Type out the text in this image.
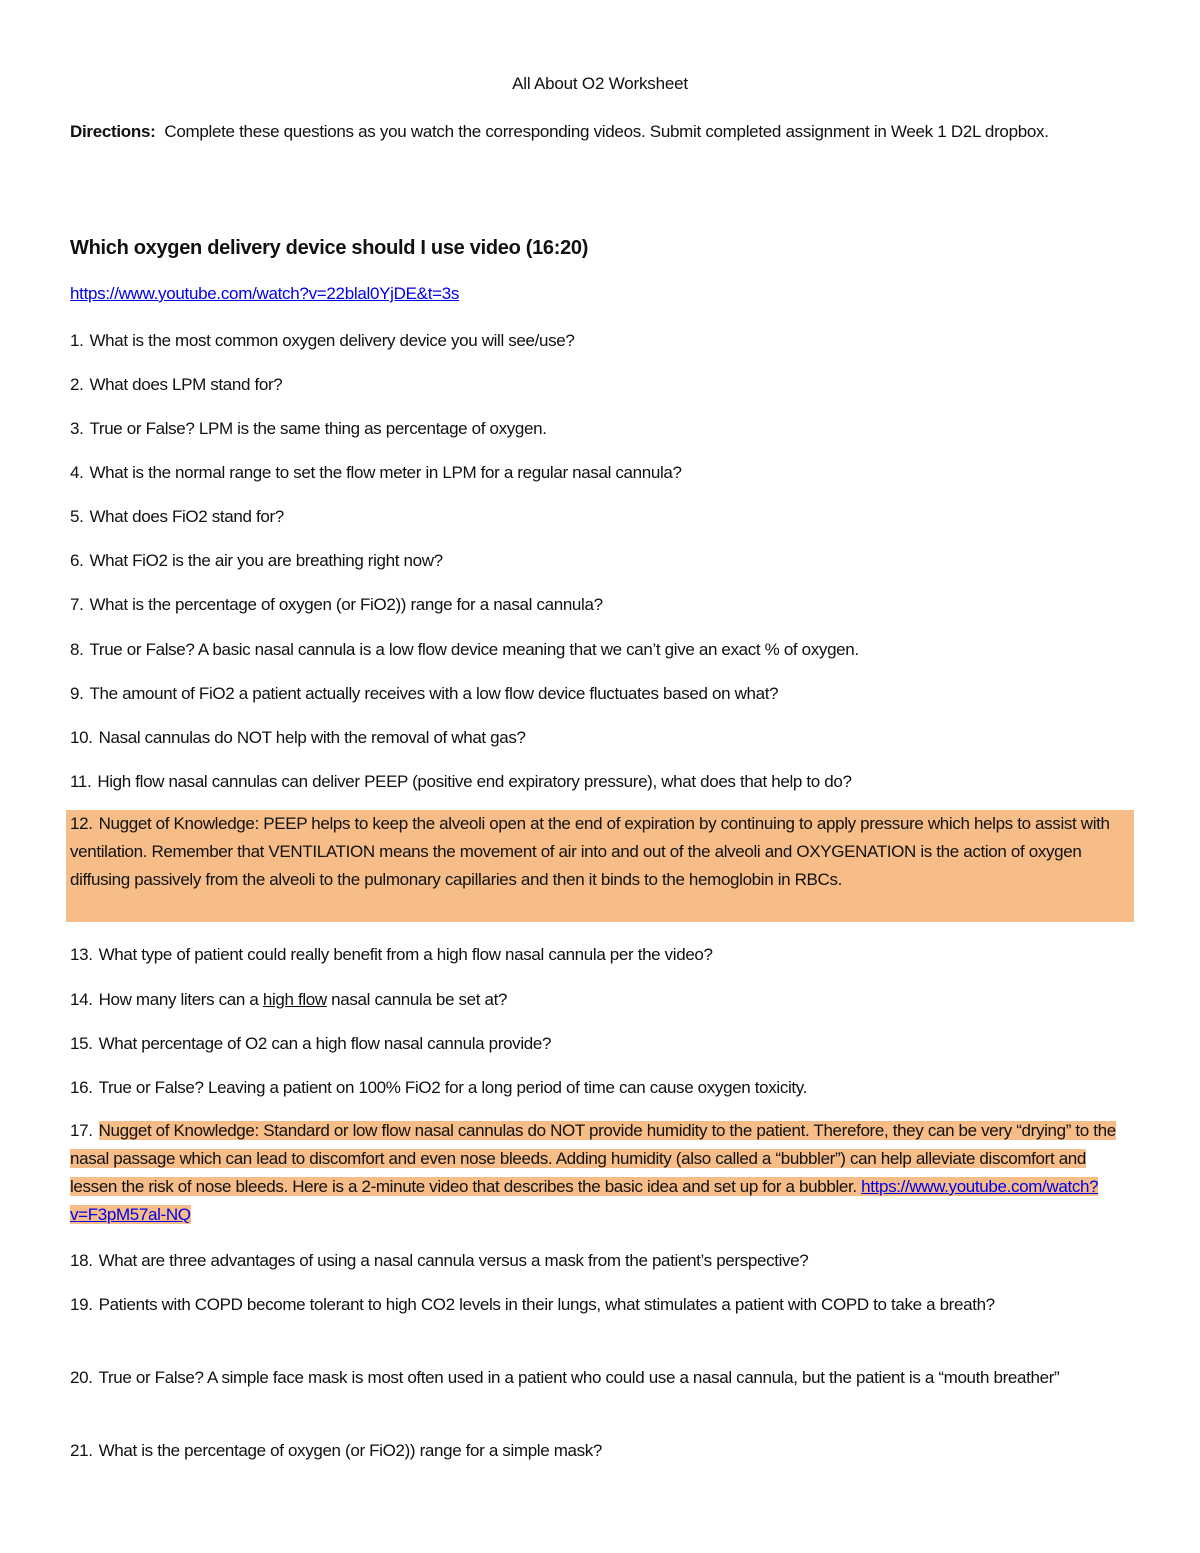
All About O2 Worksheet
Directions: Complete these questions as you watch the corresponding videos. Submit completed assignment in Week 1 D2L dropbox.
Which oxygen delivery device should I use video (16:20)
https://www.youtube.com/watch?v=22blal0YjDE&t=3s
1. What is the most common oxygen delivery device you will see/use?
2. What does LPM stand for?
3. True or False? LPM is the same thing as percentage of oxygen.
4. What is the normal range to set the flow meter in LPM for a regular nasal cannula?
5. What does FiO2 stand for?
6. What FiO2 is the air you are breathing right now?
7. What is the percentage of oxygen (or FiO2)) range for a nasal cannula?
8. True or False? A basic nasal cannula is a low flow device meaning that we can’t give an exact % of oxygen.
9. The amount of FiO2 a patient actually receives with a low flow device fluctuates based on what?
10. Nasal cannulas do NOT help with the removal of what gas?
11. High flow nasal cannulas can deliver PEEP (positive end expiratory pressure), what does that help to do?
12. Nugget of Knowledge: PEEP helps to keep the alveoli open at the end of expiration by continuing to apply pressure which helps to assist with ventilation. Remember that VENTILATION means the movement of air into and out of the alveoli and OXYGENATION is the action of oxygen diffusing passively from the alveoli to the pulmonary capillaries and then it binds to the hemoglobin in RBCs.
13. What type of patient could really benefit from a high flow nasal cannula per the video?
14. How many liters can a high flow nasal cannula be set at?
15. What percentage of O2 can a high flow nasal cannula provide?
16. True or False? Leaving a patient on 100% FiO2 for a long period of time can cause oxygen toxicity.
17. Nugget of Knowledge: Standard or low flow nasal cannulas do NOT provide humidity to the patient. Therefore, they can be very “drying” to the nasal passage which can lead to discomfort and even nose bleeds. Adding humidity (also called a “bubbler”) can help alleviate discomfort and lessen the risk of nose bleeds. Here is a 2-minute video that describes the basic idea and set up for a bubbler. https://www.youtube.com/watch?v=F3pM57al-NQ
18. What are three advantages of using a nasal cannula versus a mask from the patient’s perspective?
19. Patients with COPD become tolerant to high CO2 levels in their lungs, what stimulates a patient with COPD to take a breath?
20. True or False? A simple face mask is most often used in a patient who could use a nasal cannula, but the patient is a “mouth breather”
21. What is the percentage of oxygen (or FiO2)) range for a simple mask?
